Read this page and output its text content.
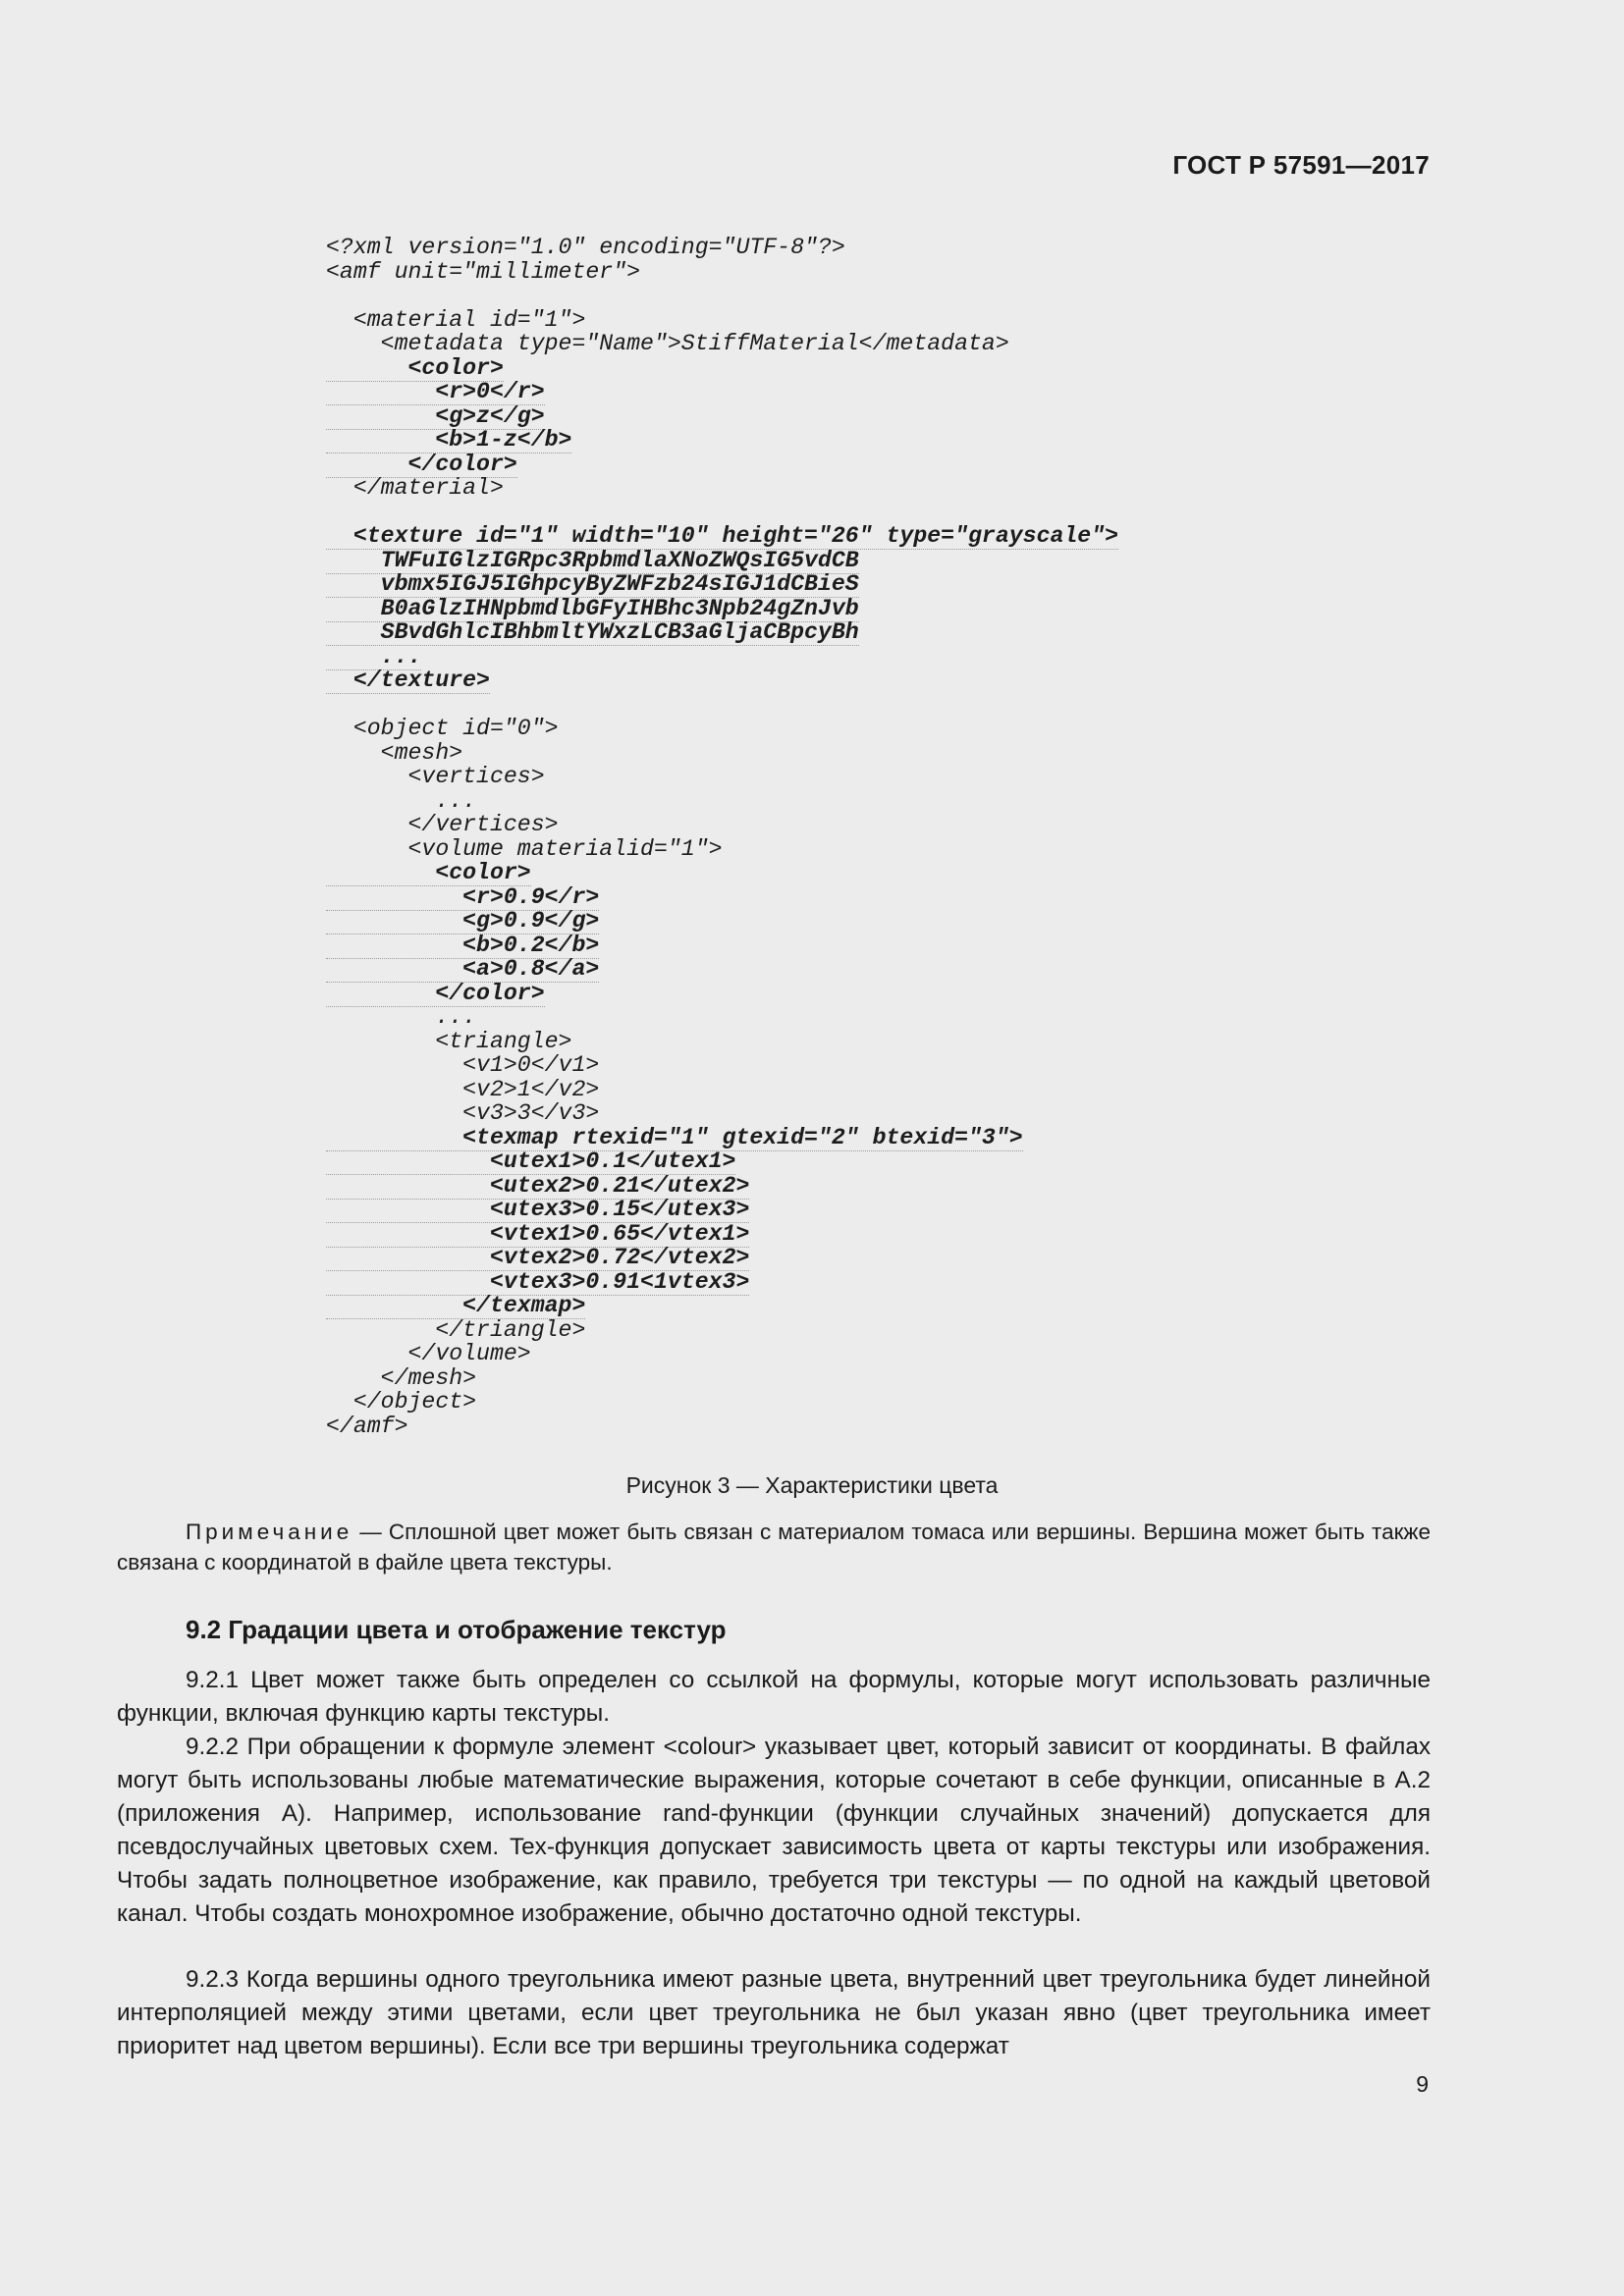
ГОСТ Р 57591—2017
<?xml version="1.0" encoding="UTF-8"?>
<amf unit="millimeter">
<material id="1">
<metadata type="Name">StiffMaterial</metadata>
<color>
<r>0</r>
<g>z</g>
<b>1-z</b>
</color>
</material>
<texture id="1" width="10" height="26" type="grayscale">
TWFuIGlzIGRpc3RpbmdlaXNoZWQsIG5vdCB
vbmx5IGJ5IGhpcyByZWFzb24sIGJ1dCBieS
B0aGlzIHNpbmdlbGFyIHBhc3Npb24gZnJvb
SBvdGhlcIBhbmltYWxzLCB3aGljaCBpcyBh
...
</texture>
<object id="0">
<mesh>
<vertices>
...
</vertices>
<volume materialid="1">
<color>
<r>0.9</r>
<g>0.9</g>
<b>0.2</b>
<a>0.8</a>
</color>
...
<triangle>
<v1>0</v1>
<v2>1</v2>
<v3>3</v3>
<texmap rtexid="1" gtexid="2" btexid="3">
<utex1>0.1</utex1>
<utex2>0.21</utex2>
<utex3>0.15</utex3>
<vtex1>0.65</vtex1>
<vtex2>0.72</vtex2>
<vtex3>0.91<1vtex3>
</texmap>
</triangle>
</volume>
</mesh>
</object>
</amf>
Рисунок 3 — Характеристики цвета
Примечание — Сплошной цвет может быть связан с материалом томаса или вершины. Вершина может быть также связана с координатой в файле цвета текстуры.
9.2 Градации цвета и отображение текстур

9.2.1 Цвет может также быть определен со ссылкой на формулы, которые могут использовать различные функции, включая функцию карты текстуры.

9.2.2 При обращении к формуле элемент <colour> указывает цвет, который зависит от координаты. В файлах могут быть использованы любые математические выражения, которые сочетают в себе функции, описанные в А.2 (приложения А). Например, использование rand-функции (функции случайных значений) допускается для псевдослучайных цветовых схем. Tex-функция допускает зависимость цвета от карты текстуры или изображения. Чтобы задать полноцветное изображение, как правило, требуется три текстуры — по одной на каждый цветовой канал. Чтобы создать монохромное изображение, обычно достаточно одной текстуры.

9.2.3 Когда вершины одного треугольника имеют разные цвета, внутренний цвет треугольника будет линейной интерполяцией между этими цветами, если цвет треугольника не был указан явно (цвет треугольника имеет приоритет над цветом вершины). Если все три вершины треугольника содержат

9
